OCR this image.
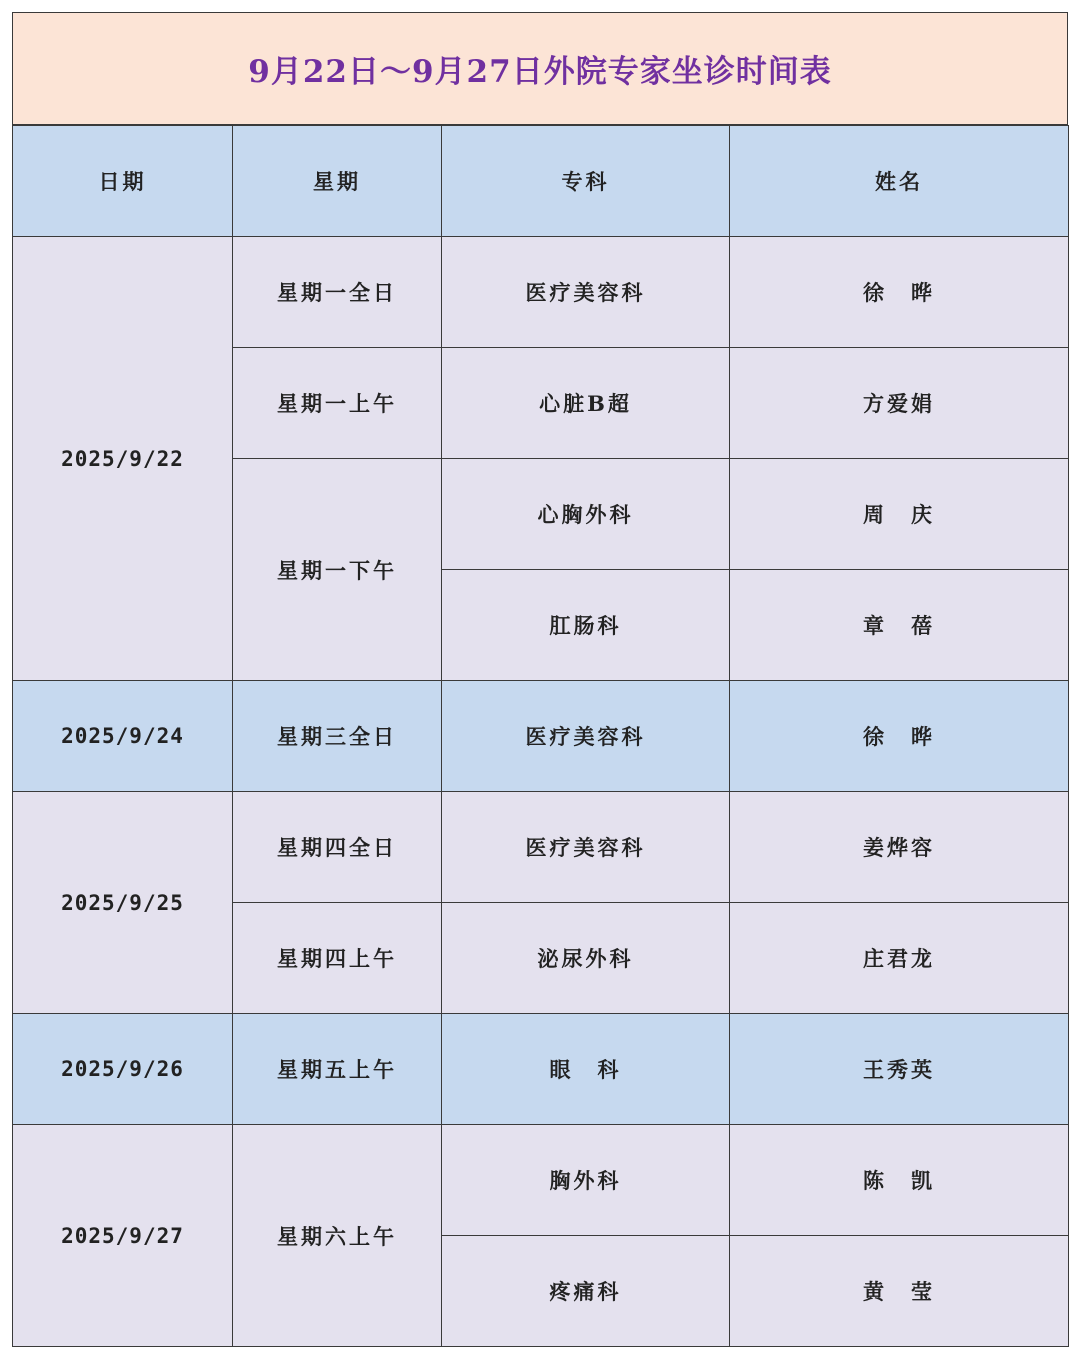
9月22日～9月27日外院专家坐诊时间表
日期	星期	专科	姓名
2025/9/22	星期一全日	医疗美容科	徐　晔
	星期一上午	心脏B超	方爱娟
	星期一下午	心胸外科	周　庆
		肛肠科	章　蓓
2025/9/24	星期三全日	医疗美容科	徐　晔
2025/9/25	星期四全日	医疗美容科	姜烨容
	星期四上午	泌尿外科	庄君龙
2025/9/26	星期五上午	眼　科	王秀英
2025/9/27	星期六上午	胸外科	陈　凯
		疼痛科	黄　莹
